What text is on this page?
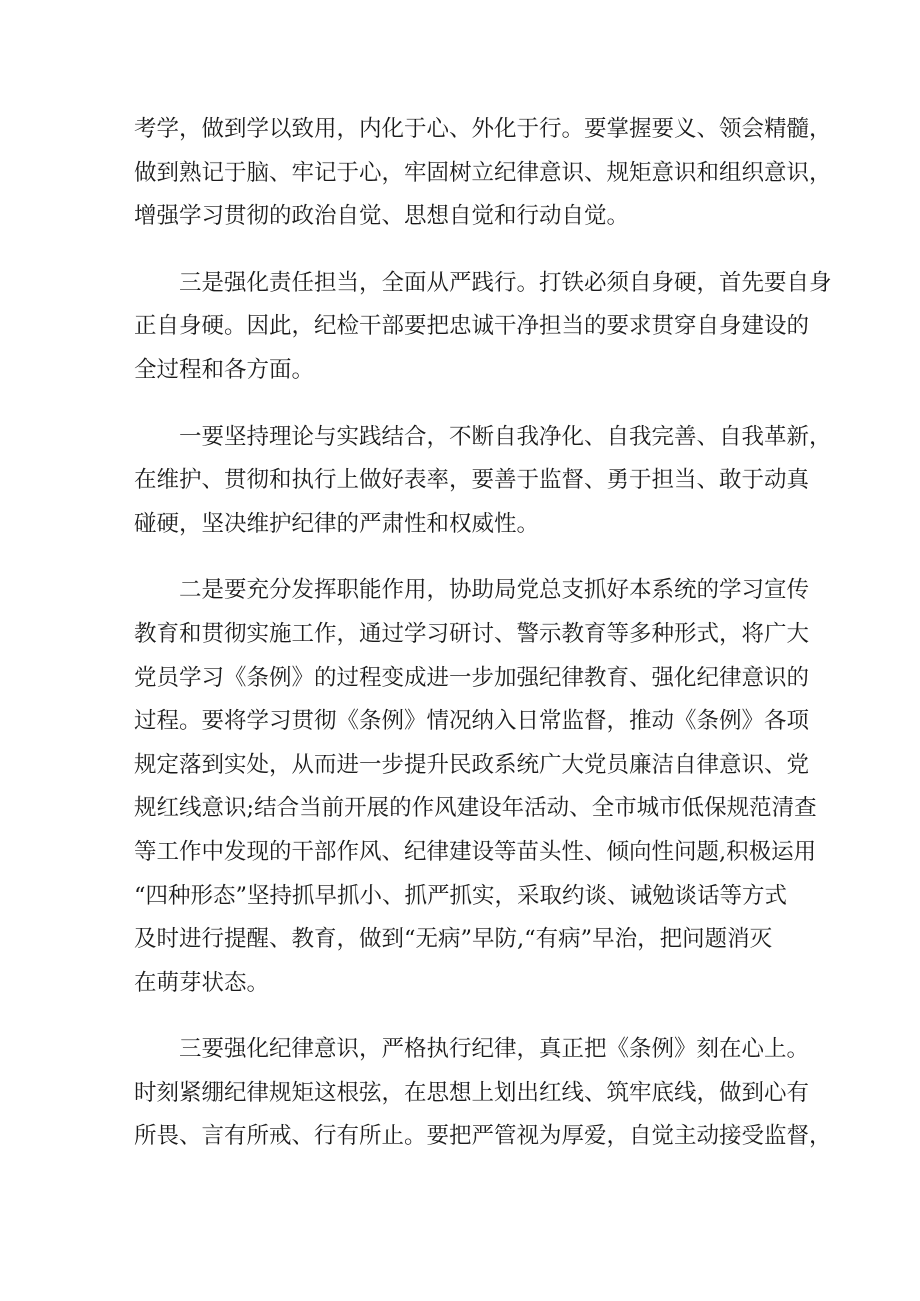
考学，做到学以致用，内化于心、外化于行。要掌握要义、领会精髓，
做到熟记于脑、牢记于心，牢固树立纪律意识、规矩意识和组织意识，
增强学习贯彻的政治自觉、思想自觉和行动自觉。
三是强化责任担当，全面从严践行。打铁必须自身硬，首先要自身
正自身硬。因此，纪检干部要把忠诚干净担当的要求贯穿自身建设的
全过程和各方面。
一要坚持理论与实践结合，不断自我净化、自我完善、自我革新，
在维护、贯彻和执行上做好表率，要善于监督、勇于担当、敢于动真
碰硬，坚决维护纪律的严肃性和权威性。
二是要充分发挥职能作用，协助局党总支抓好本系统的学习宣传
教育和贯彻实施工作，通过学习研讨、警示教育等多种形式，将广大
党员学习《条例》的过程变成进一步加强纪律教育、强化纪律意识的
过程。要将学习贯彻《条例》情况纳入日常监督，推动《条例》各项
规定落到实处，从而进一步提升民政系统广大党员廉洁自律意识、党
规红线意识;结合当前开展的作风建设年活动、全市城市低保规范清查
等工作中发现的干部作风、纪律建设等苗头性、倾向性问题,积极运用
“四种形态”坚持抓早抓小、抓严抓实，采取约谈、诫勉谈话等方式
及时进行提醒、教育，做到“无病”早防,“有病”早治，把问题消灭
在萌芽状态。
三要强化纪律意识，严格执行纪律，真正把《条例》刻在心上。
时刻紧绷纪律规矩这根弦，在思想上划出红线、筑牢底线，做到心有
所畏、言有所戒、行有所止。要把严管视为厚爱，自觉主动接受监督，
